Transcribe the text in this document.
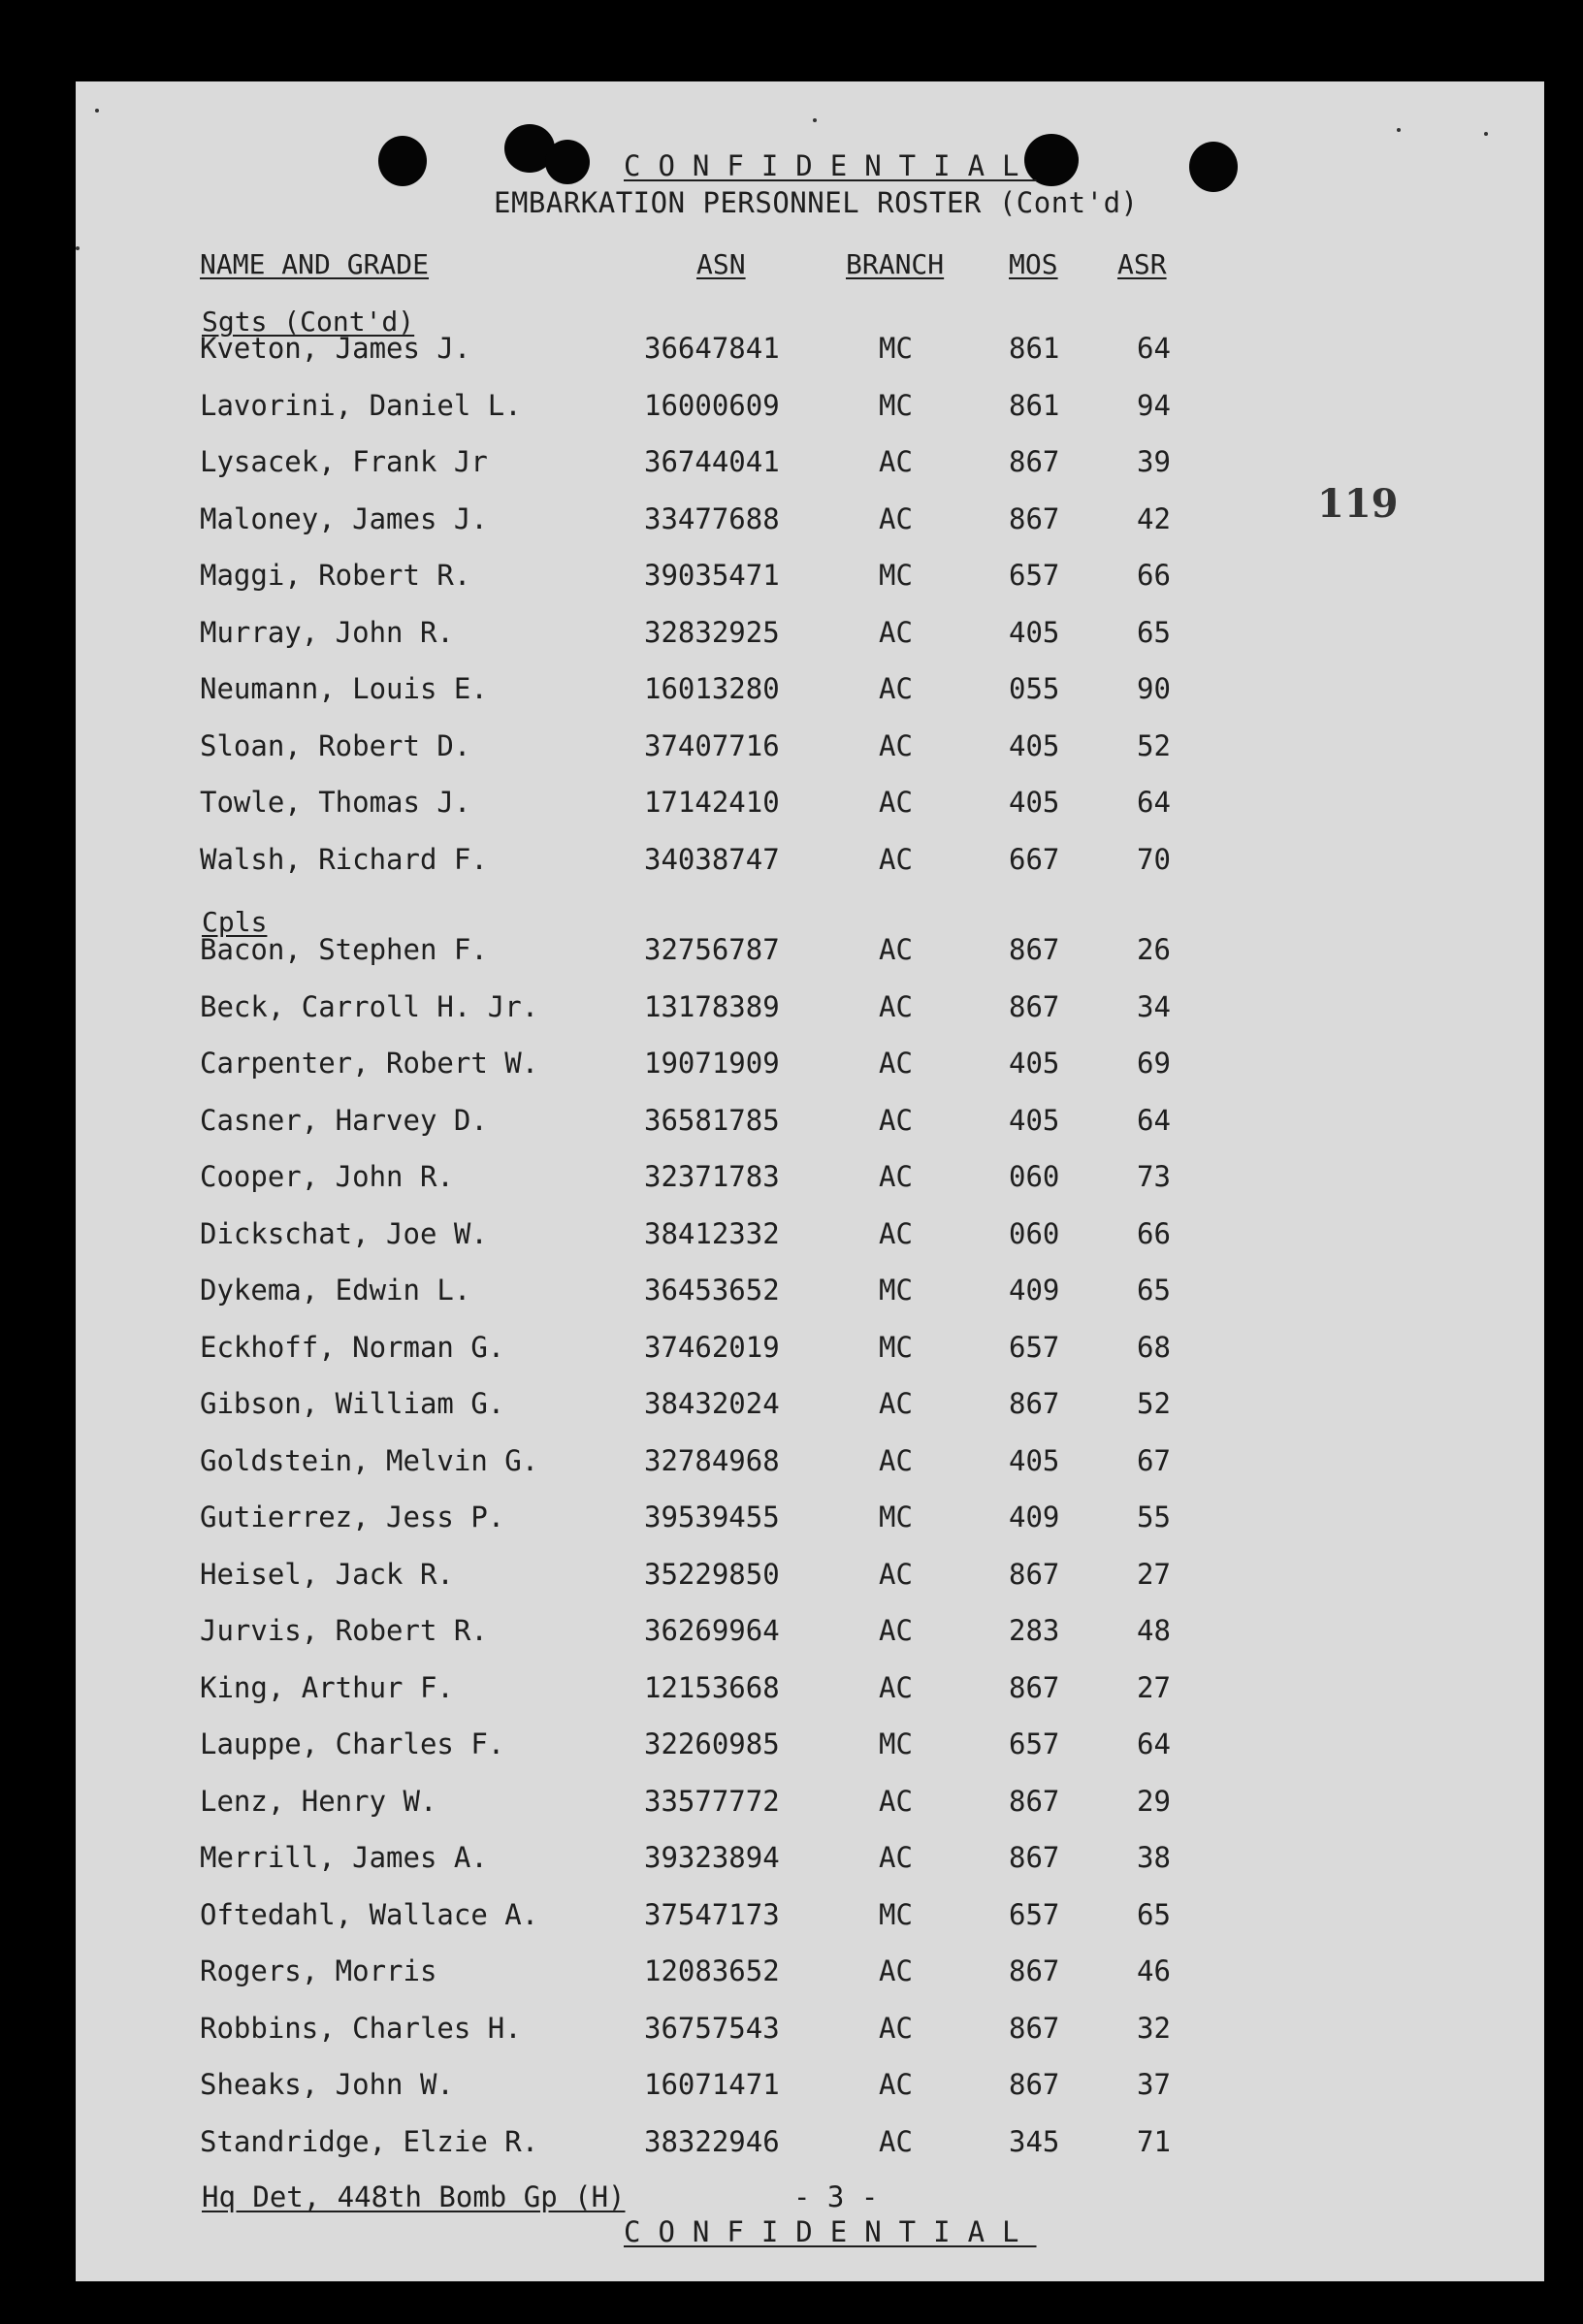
CONFIDENTIAL
EMBARKATION PERSONNEL ROSTER (Cont'd)
119
NAME AND GRADE	ASN	BRANCH MOS ASR
Sgts (Cont'd)
Kveton, James J.	36647841	MC	861	64
Lavorini, Daniel L.	16000609	MC	861	94
Lysacek, Frank Jr	36744041	AC	867	39
Maloney, James J.	33477688	AC	867	42
Maggi, Robert R.	39035471	MC	657	66
Murray, John R.	32832925	AC	405	65
Neumann, Louis E.	16013280	AC	055	90
Sloan, Robert D.	37407716	AC	405	52
Towle, Thomas J.	17142410	AC	405	64
Walsh, Richard F.	34038747	AC	667	70
Cpls
Bacon, Stephen F.	32756787	AC	867	26
Beck, Carroll H. Jr.	13178389	AC	867	34
Carpenter, Robert W.	19071909	AC	405	69
Casner, Harvey D.	36581785	AC	405	64
Cooper, John R.	32371783	AC	060	73
Dickschat, Joe W.	38412332	AC	060	66
Dykema, Edwin L.	36453652	MC	409	65
Eckhoff, Norman G.	37462019	MC	657	68
Gibson, William G.	38432024	AC	867	52
Goldstein, Melvin G.	32784968	AC	405	67
Gutierrez, Jess P.	39539455	MC	409	55
Heisel, Jack R.	35229850	AC	867	27
Jurvis, Robert R.	36269964	AC	283	48
King, Arthur F.	12153668	AC	867	27
Lauppe, Charles F.	32260985	MC	657	64
Lenz, Henry W.	33577772	AC	867	29
Merrill, James A.	39323894	AC	867	38
Oftedahl, Wallace A.	37547173	MC	657	65
Rogers, Morris	12083652	AC	867	46
Robbins, Charles H.	36757543	AC	867	32
Sheaks, John W.	16071471	AC	867	37
Standridge, Elzie R.	38322946	AC	345	71
Hq Det, 448th Bomb Gp (H)	- 3 -
CONFIDENTIAL
